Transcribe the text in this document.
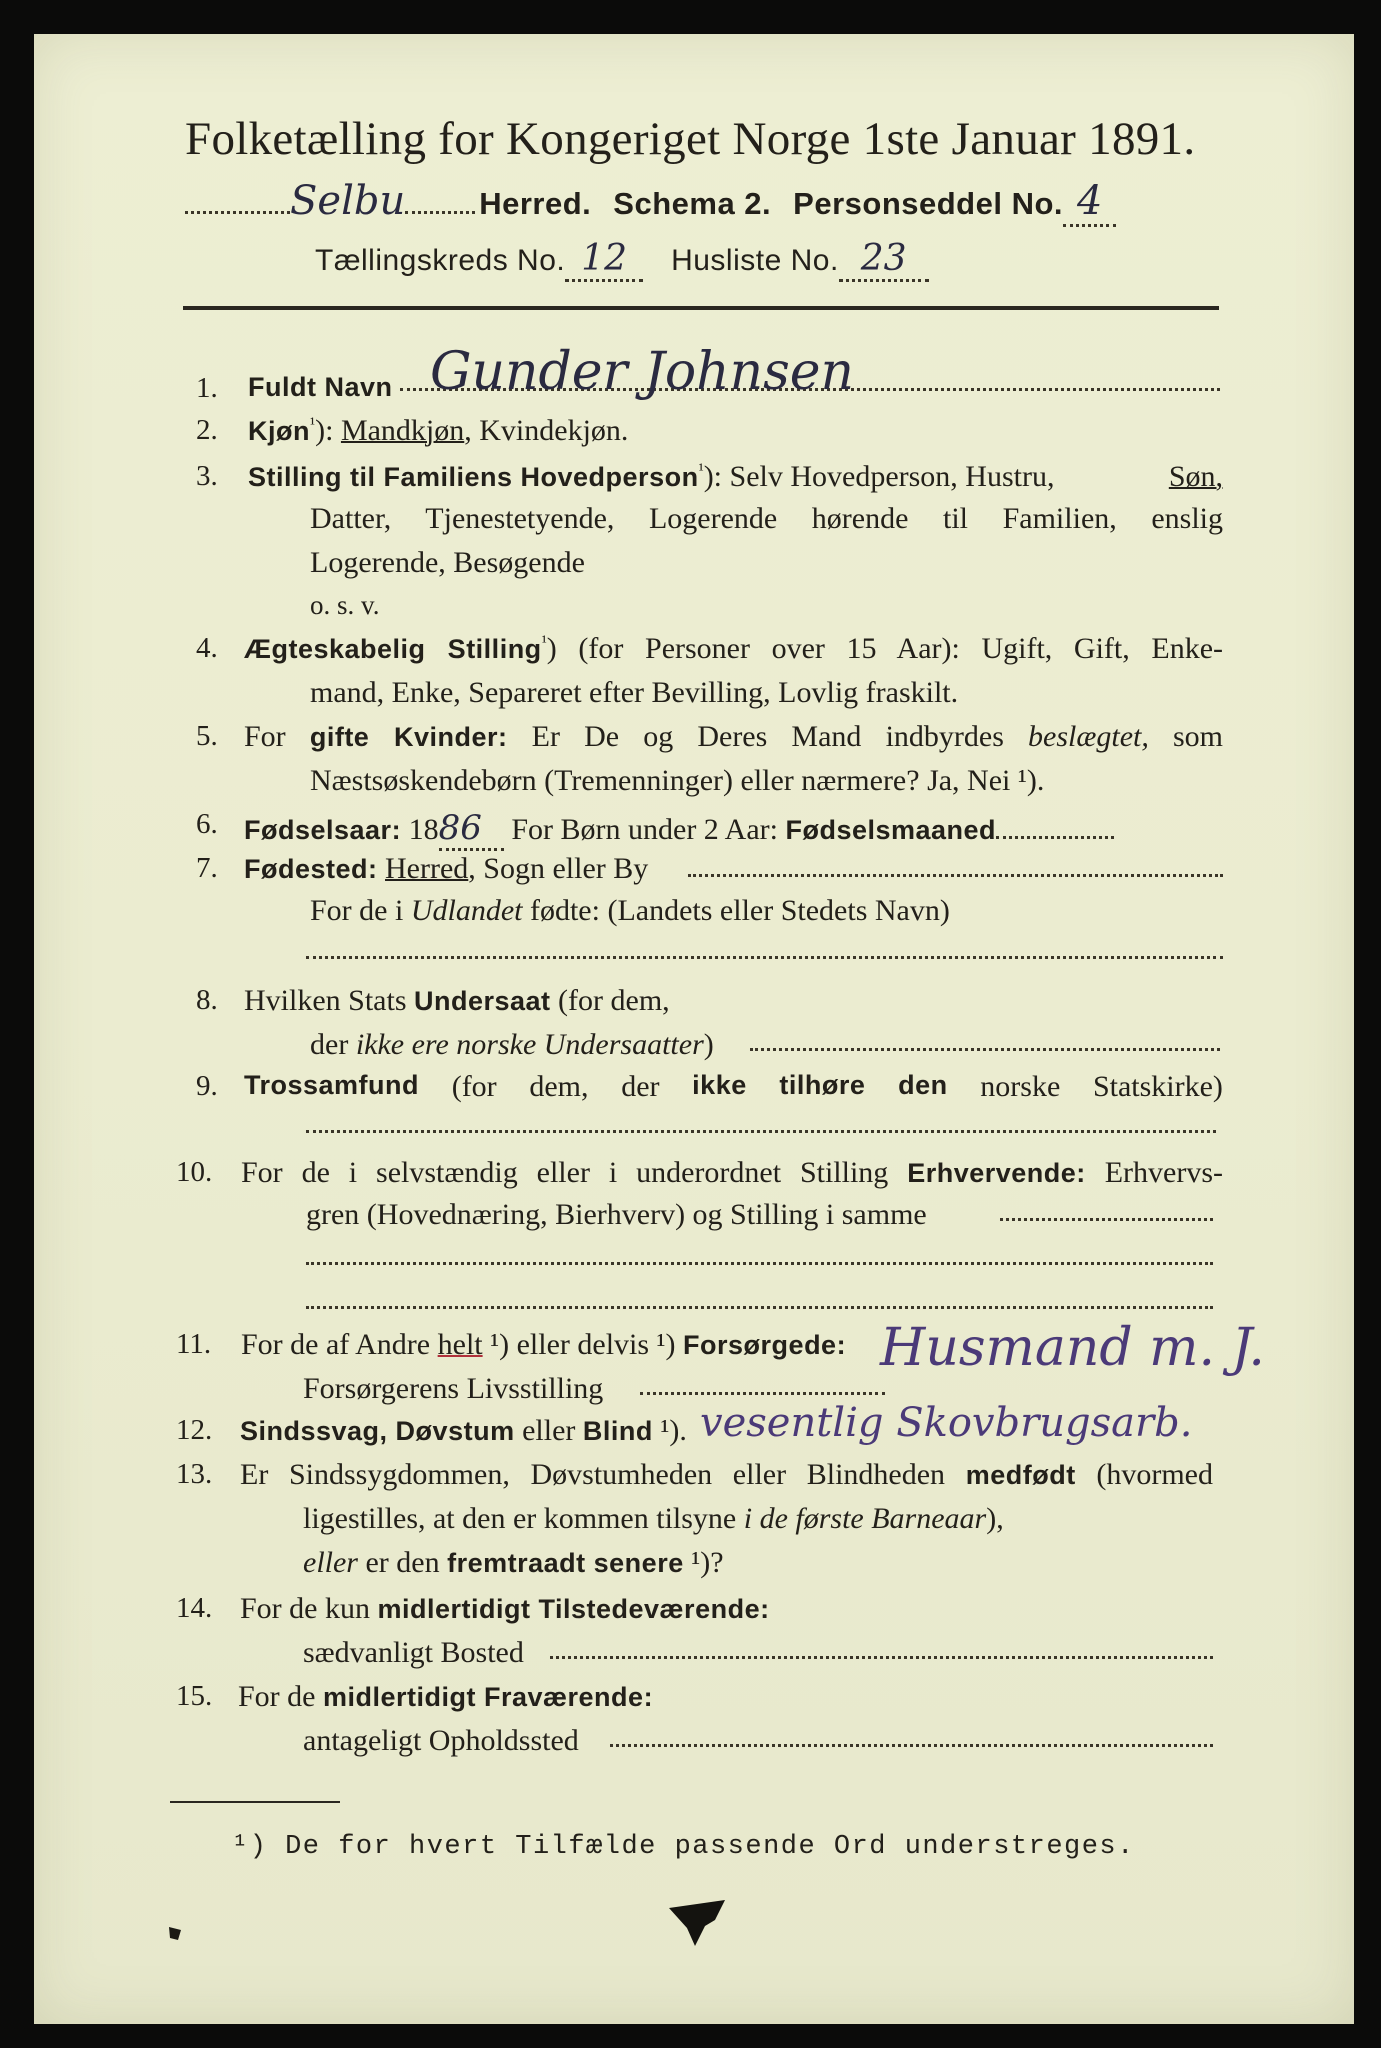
Folketælling for Kongeriget Norge 1ste Januar 1891.
Selbu Herred. Schema 2. Personseddel No. 4
Tællingskreds No. 12 Husliste No. 23
1. Fuldt Navn Gunder Johnsen
2. Kjøn$^{^1}$): Mandkjøn, Kvindekjøn.
3. Stilling til Familiens Hovedperson$^{^1}$): Selv Hovedperson, Hustru,	Søn,
Datter, Tjenestetyende, Logerende hørende til Familien, enslig
Logerende, Besøgende
o. s. v.
4. Ægteskabelig Stilling$^{^1}$) (for Personer over 15 Aar): Ugift, Gift, Enke-
mand, Enke, Separeret efter Bevilling, Lovlig fraskilt.
5. For gifte Kvinder: Er De og Deres Mand indbyrdes beslægtet, som
Næstsøskendebørn (Tremenninger) eller nærmere? Ja, Nei ¹).
6. Fødselsaar: 1886 For Børn under 2 Aar: Fødselsmaaned
7. Fødested: Herred, Sogn eller By
For de i Udlandet fødte: (Landets eller Stedets Navn)
8. Hvilken Stats Undersaat (for dem,
der ikke ere norske Undersaatter)
9. Trossamfund (for dem, der ikke tilhøre den norske Statskirke)
10. For de i selvstændig eller i underordnet Stilling Erhvervende: Erhvervs-
gren (Hovednæring, Bierhverv) og Stilling i samme
11. For de af Andre helt ¹) eller delvis ¹) Forsørgede:
Forsørgerens Livsstilling
Husmand m. J.
12. Sindssvag, Døvstum eller Blind ¹). vesentlig Skovbrugsarb.
13. Er Sindssygdommen, Døvstumheden eller Blindheden medfødt (hvormed
ligestilles, at den er kommen tilsyne i de første Barneaar),
eller er den fremtraadt senere ¹)?
14. For de kun midlertidigt Tilstedeværende:
sædvanligt Bosted
15. For de midlertidigt Fraværende:
antageligt Opholdssted
¹) De for hvert Tilfælde passende Ord understreges.
